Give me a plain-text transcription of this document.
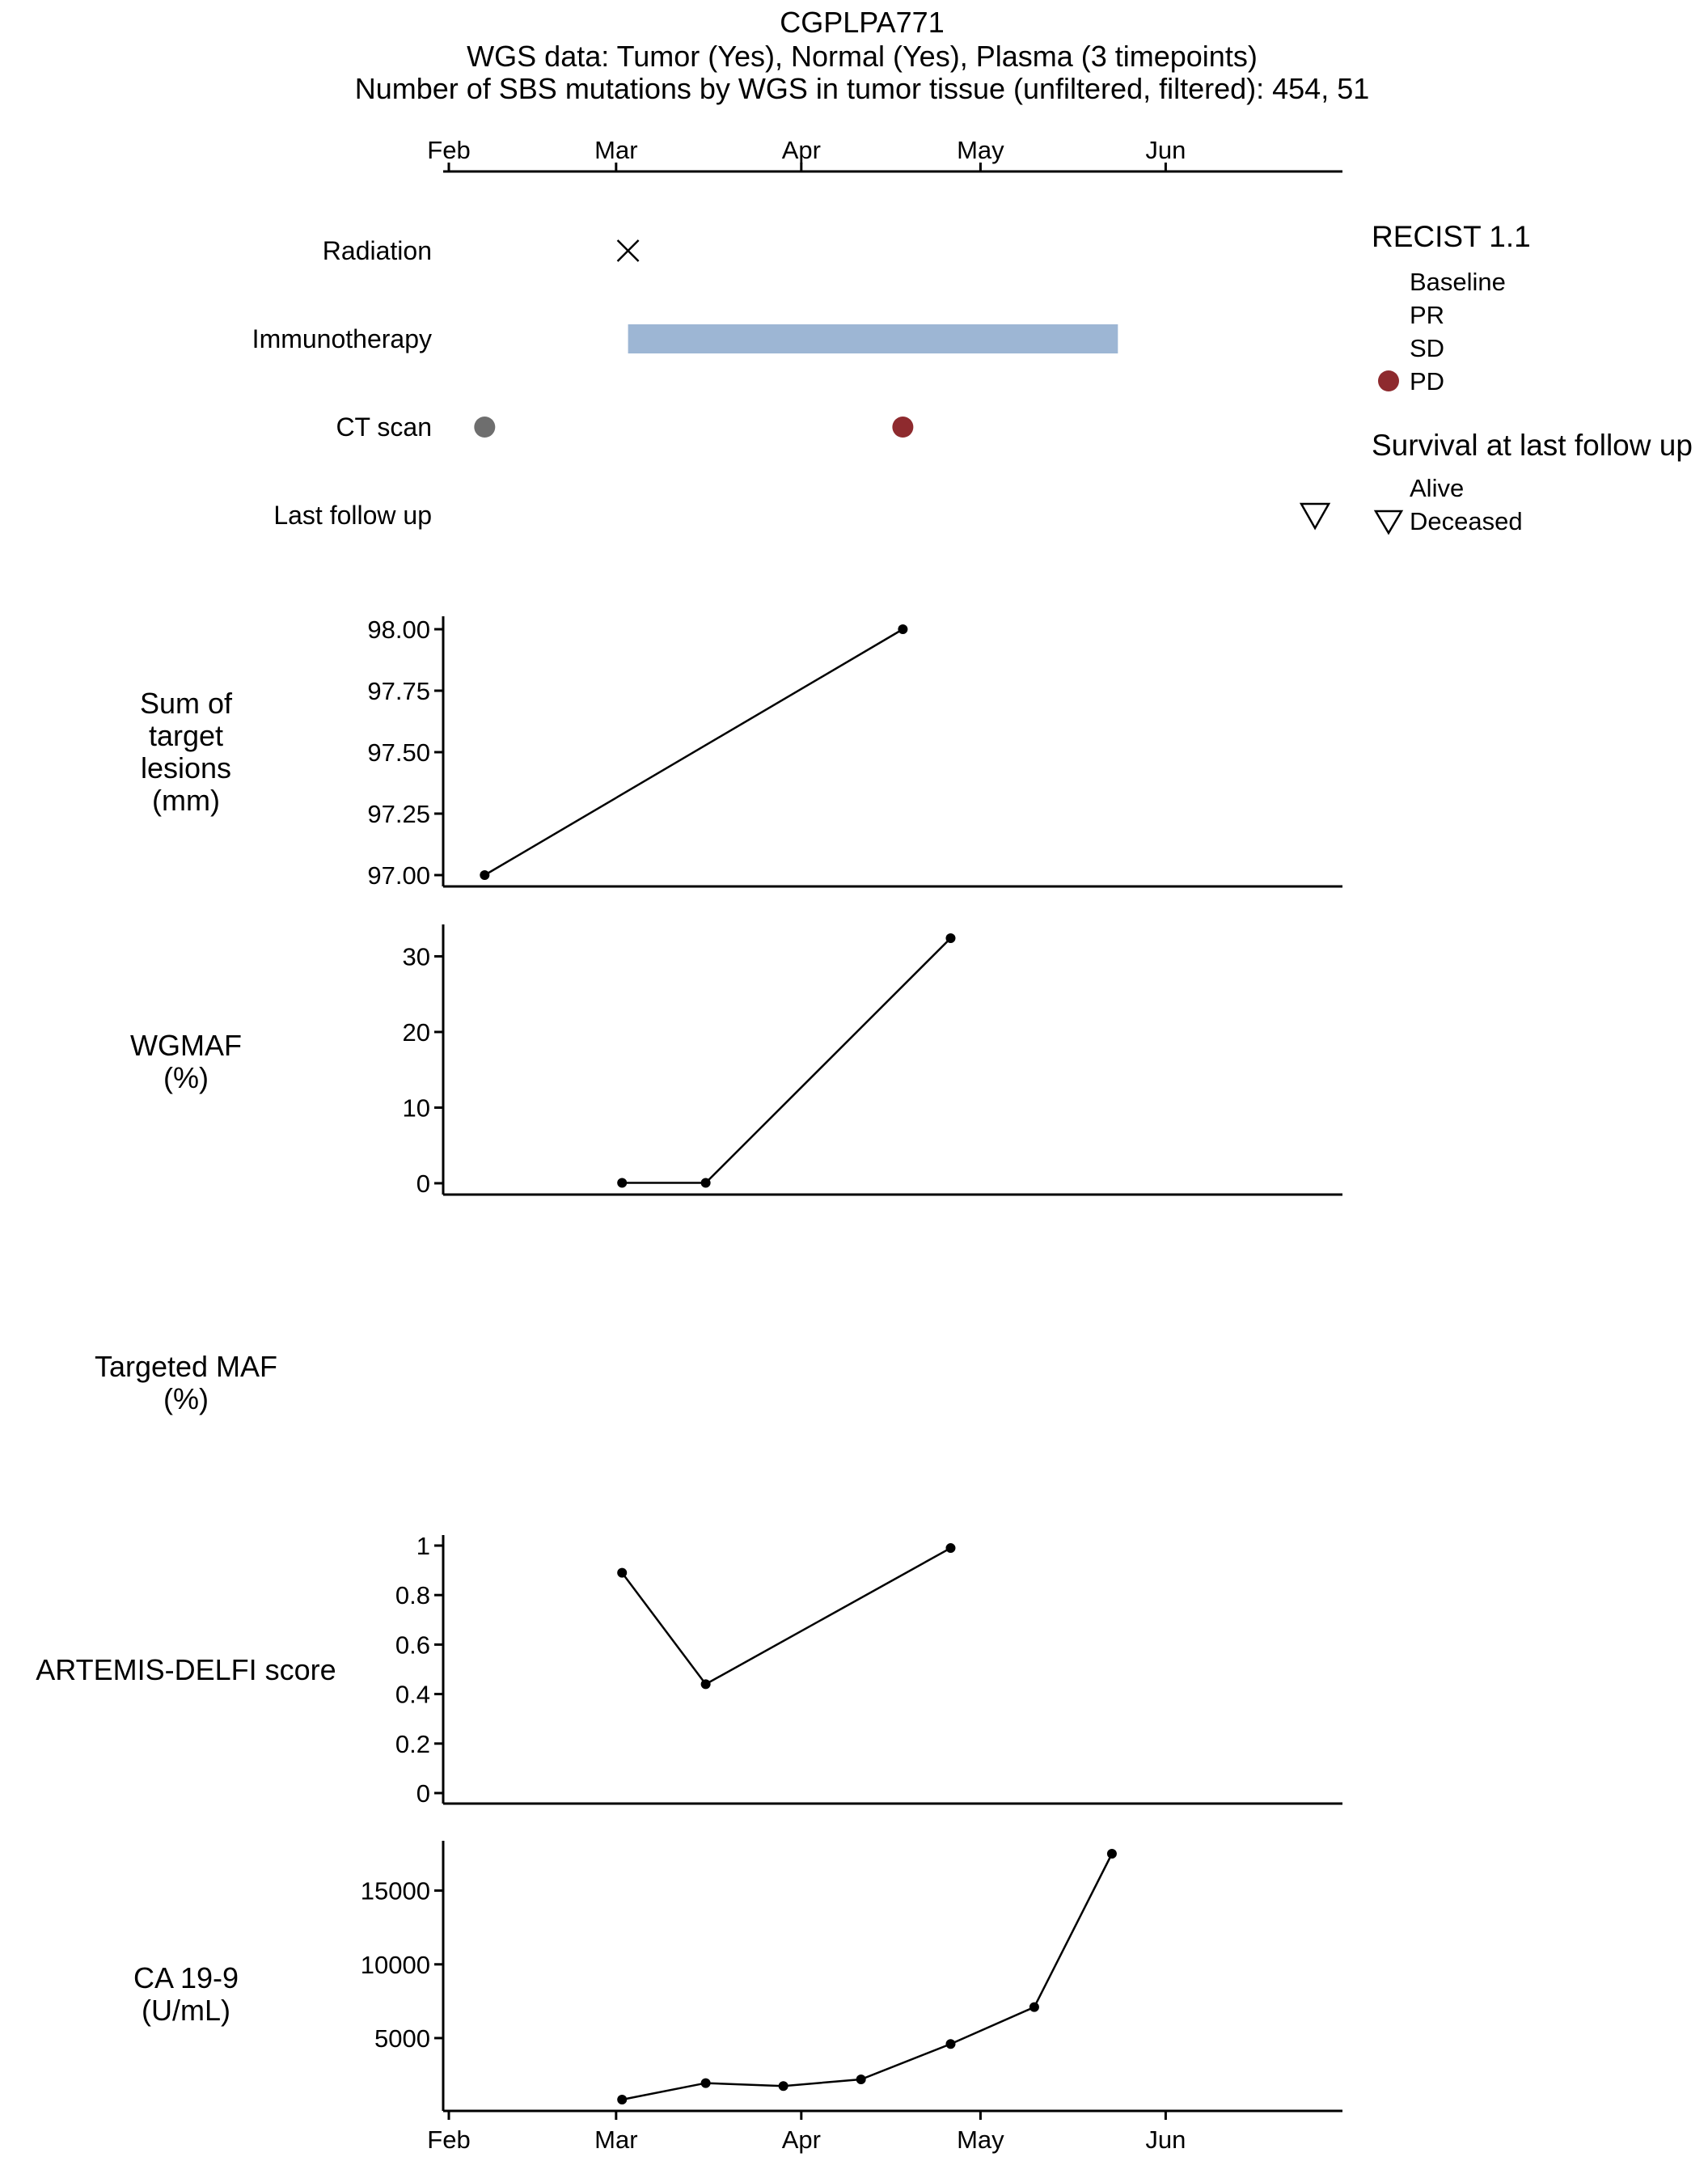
CGPLPA771
WGS data: Tumor (Yes), Normal (Yes), Plasma (3 timepoints)
Number of SBS mutations by WGS in tumor tissue (unfiltered, filtered): 454, 51
Feb	Mar	Apr	May	Jun
Radiation
Immunotherapy
CT scan
Last follow up
RECIST 1.1
Baseline
PR
SD
PD
Survival at last follow up
Alive
Deceased
Sum of
target
lesions
(mm)
97.00
97.25
97.50
97.75
98.00
WGMAF
(%)
0
10
20
30
Targeted MAF
(%)
ARTEMIS-DELFI score
0
0.2
0.4
0.6
0.8
1
CA 19-9
(U/mL)
5000
10000
15000
Feb	Mar	Apr	May	Jun
